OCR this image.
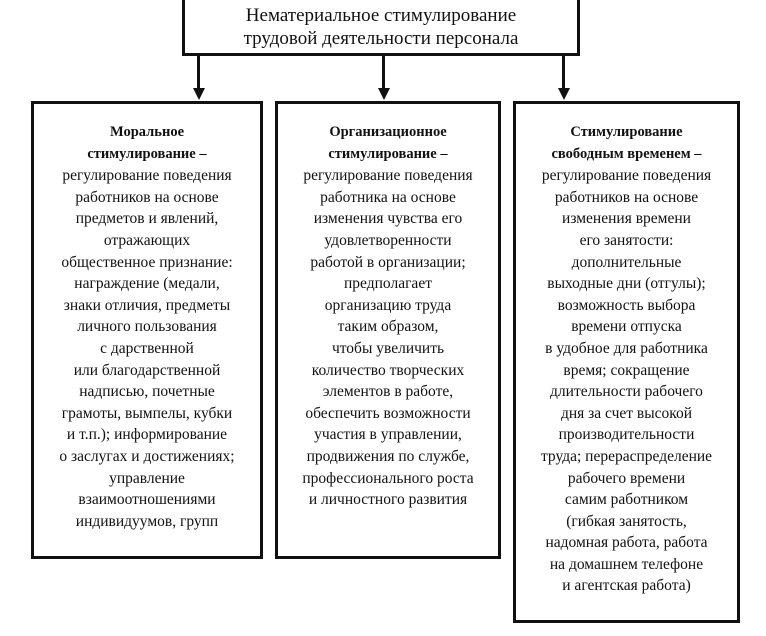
Нематериальное стимулирование
трудовой деятельности персонала
Моральное
стимулирование –
регулирование поведения
работников на основе
предметов и явлений,
отражающих
общественное признание:
награждение (медали,
знаки отличия, предметы
личного пользования
с дарственной
или благодарственной
надписью, почетные
грамоты, вымпелы, кубки
и т.п.); информирование
о заслугах и достижениях;
управление
взаимоотношениями
индивидуумов, групп
Организационное
стимулирование –
регулирование поведения
работника на основе
изменения чувства его
удовлетворенности
работой в организации;
предполагает
организацию труда
таким образом,
чтобы увеличить
количество творческих
элементов в работе,
обеспечить возможности
участия в управлении,
продвижения по службе,
профессионального роста
и личностного развития
Стимулирование
свободным временем –
регулирование поведения
работников на основе
изменения времени
его занятости:
дополнительные
выходные дни (отгулы);
возможность выбора
времени отпуска
в удобное для работника
время; сокращение
длительности рабочего
дня за счет высокой
производительности
труда; перераспределение
рабочего времени
самим работником
(гибкая занятость,
надомная работа, работа
на домашнем телефоне
и агентская работа)
